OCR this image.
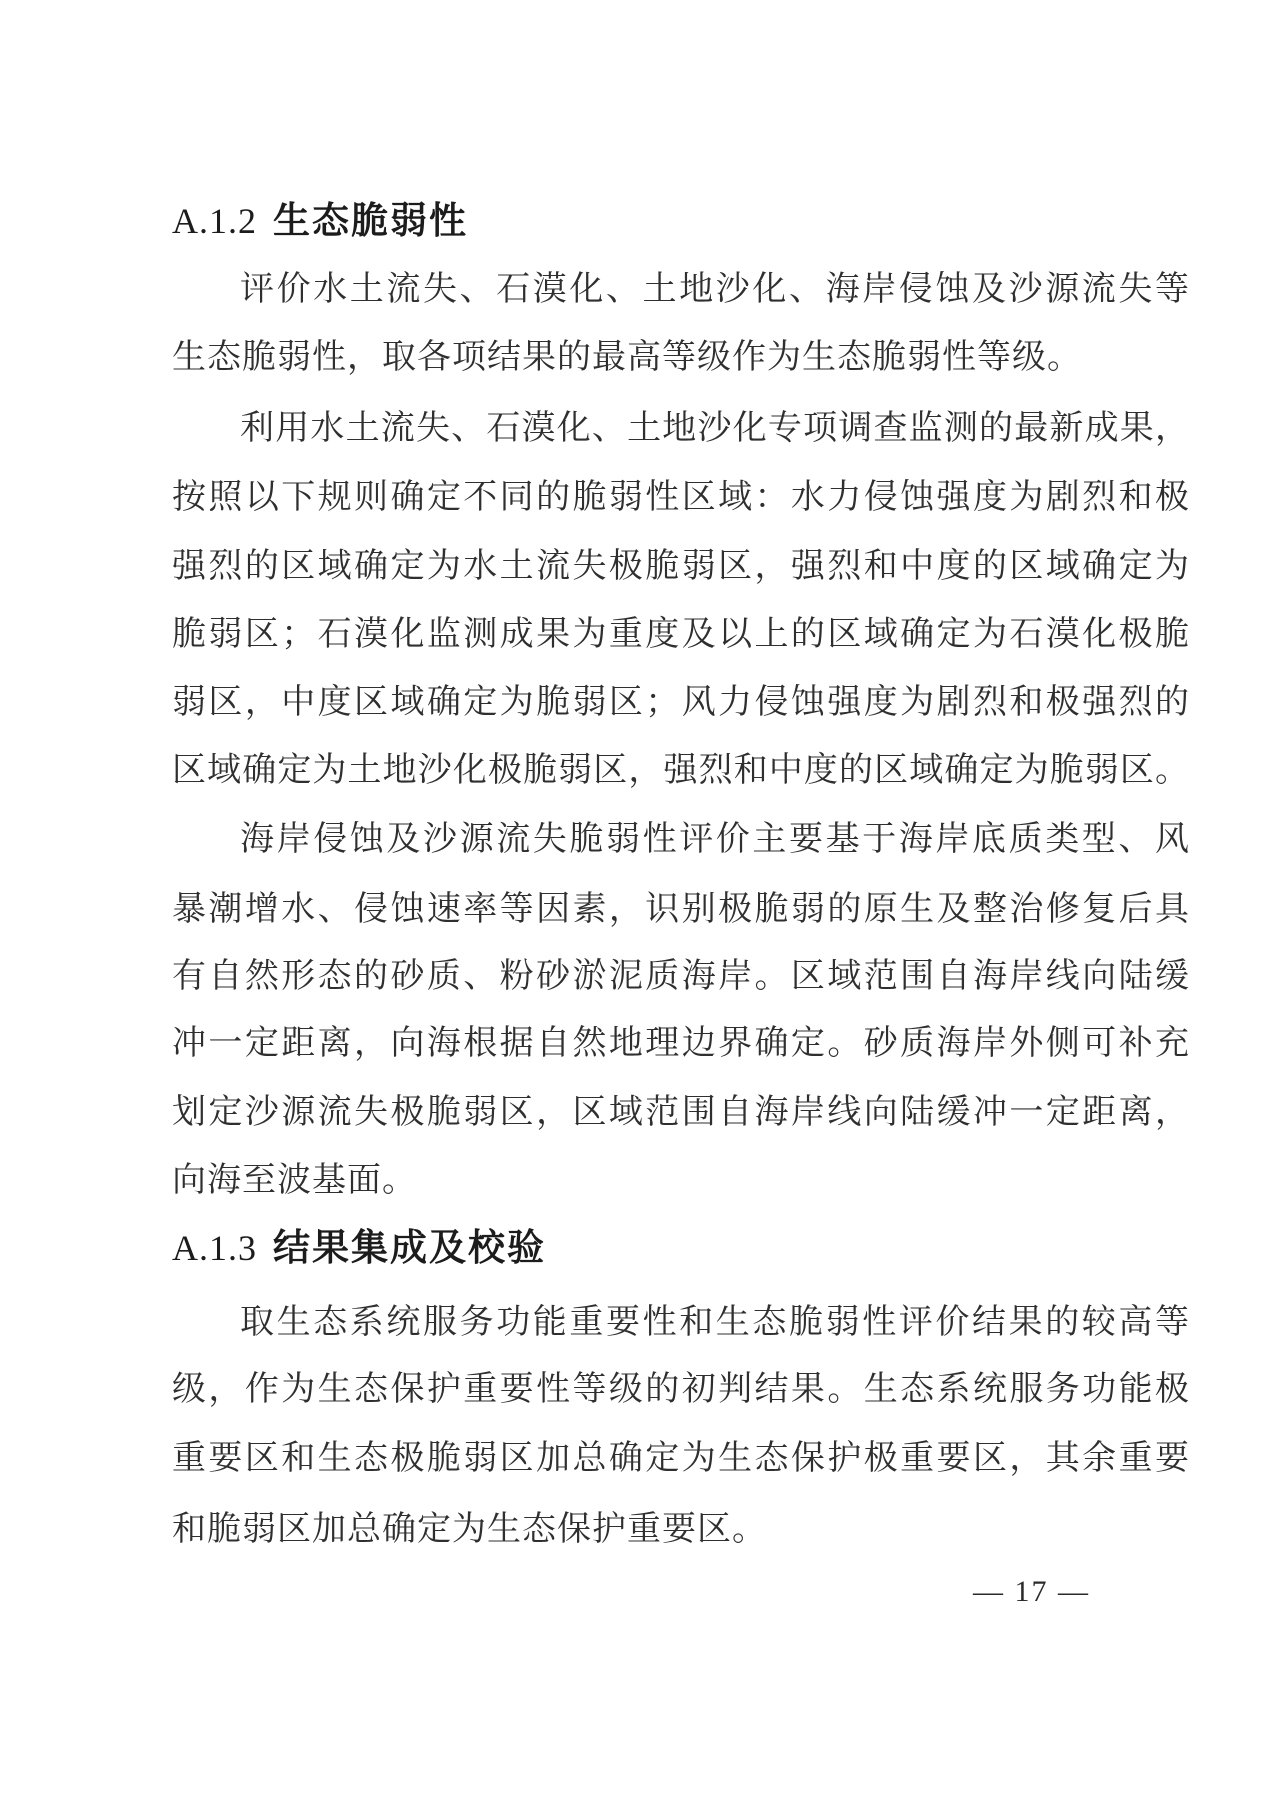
A.1.2 生态脆弱性
评价水土流失、石漠化、土地沙化、海岸侵蚀及沙源流失等
生态脆弱性，取各项结果的最高等级作为生态脆弱性等级。
利用水土流失、石漠化、土地沙化专项调查监测的最新成果，
按照以下规则确定不同的脆弱性区域：水力侵蚀强度为剧烈和极
强烈的区域确定为水土流失极脆弱区，强烈和中度的区域确定为
脆弱区；石漠化监测成果为重度及以上的区域确定为石漠化极脆
弱区，中度区域确定为脆弱区；风力侵蚀强度为剧烈和极强烈的
区域确定为土地沙化极脆弱区，强烈和中度的区域确定为脆弱区。
海岸侵蚀及沙源流失脆弱性评价主要基于海岸底质类型、风
暴潮增水、侵蚀速率等因素，识别极脆弱的原生及整治修复后具
有自然形态的砂质、粉砂淤泥质海岸。区域范围自海岸线向陆缓
冲一定距离，向海根据自然地理边界确定。砂质海岸外侧可补充
划定沙源流失极脆弱区，区域范围自海岸线向陆缓冲一定距离，
向海至波基面。
A.1.3 结果集成及校验
取生态系统服务功能重要性和生态脆弱性评价结果的较高等
级，作为生态保护重要性等级的初判结果。生态系统服务功能极
重要区和生态极脆弱区加总确定为生态保护极重要区，其余重要
和脆弱区加总确定为生态保护重要区。
— 17 —
